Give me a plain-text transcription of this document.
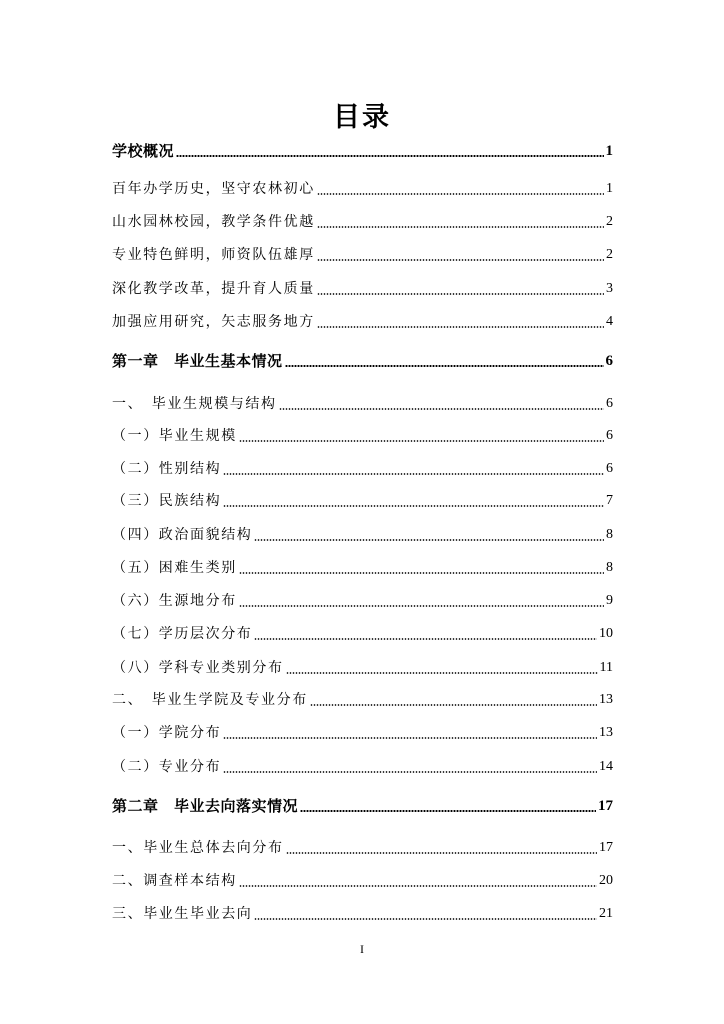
目录
学校概况	1
百年办学历史，坚守农林初心	1
山水园林校园，教学条件优越	2
专业特色鲜明，师资队伍雄厚	2
深化教学改革，提升育人质量	3
加强应用研究，矢志服务地方	4
第一章　毕业生基本情况	6
一、　毕业生规模与结构	6
（一）毕业生规模	6
（二）性别结构	6
（三）民族结构	7
（四）政治面貌结构	8
（五）困难生类别	8
（六）生源地分布	9
（七）学历层次分布	10
（八）学科专业类别分布	11
二、　毕业生学院及专业分布	13
（一）学院分布	13
（二）专业分布	14
第二章　毕业去向落实情况	17
一、毕业生总体去向分布	17
二、调查样本结构	20
三、毕业生毕业去向	21
I
